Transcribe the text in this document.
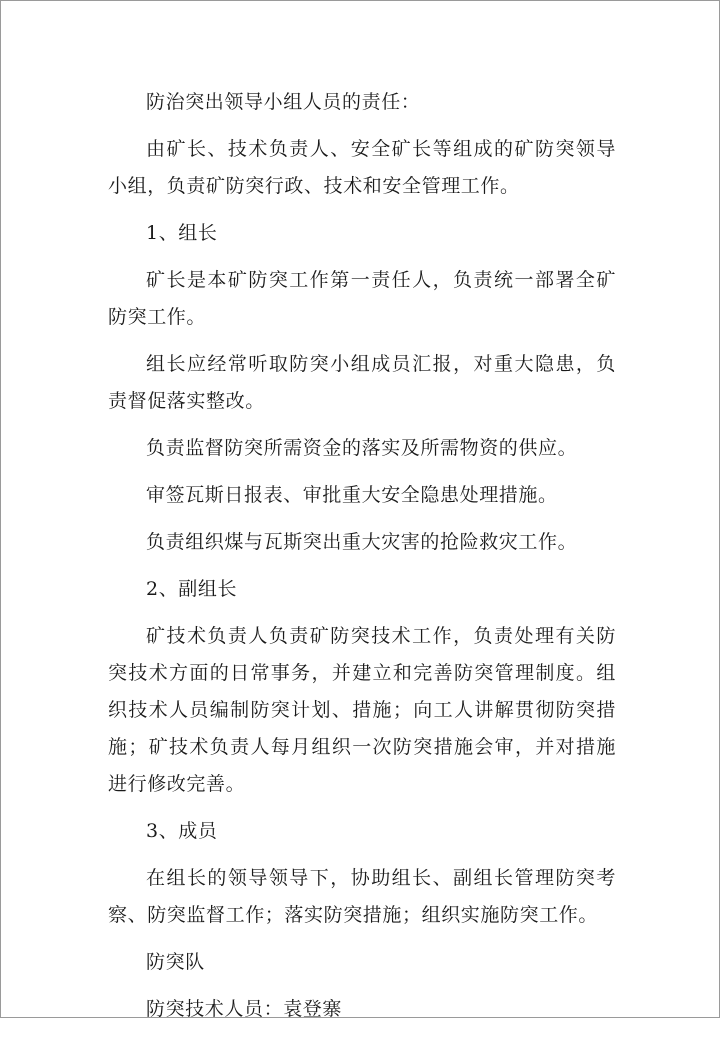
防治突出领导小组人员的责任：

由矿长、技术负责人、安全矿长等组成的矿防突领导小组，负责矿防突行政、技术和安全管理工作。

1、组长

矿长是本矿防突工作第一责任人，负责统一部署全矿防突工作。

组长应经常听取防突小组成员汇报，对重大隐患，负责督促落实整改。

负责监督防突所需资金的落实及所需物资的供应。

审签瓦斯日报表、审批重大安全隐患处理措施。

负责组织煤与瓦斯突出重大灾害的抢险救灾工作。

2、副组长

矿技术负责人负责矿防突技术工作，负责处理有关防突技术方面的日常事务，并建立和完善防突管理制度。组织技术人员编制防突计划、措施；向工人讲解贯彻防突措施；矿技术负责人每月组织一次防突措施会审，并对措施进行修改完善。

3、成员

在组长的领导领导下，协助组长、副组长管理防突考察、防突监督工作；落实防突措施；组织实施防突工作。

防突队

防突技术人员：袁登寨
